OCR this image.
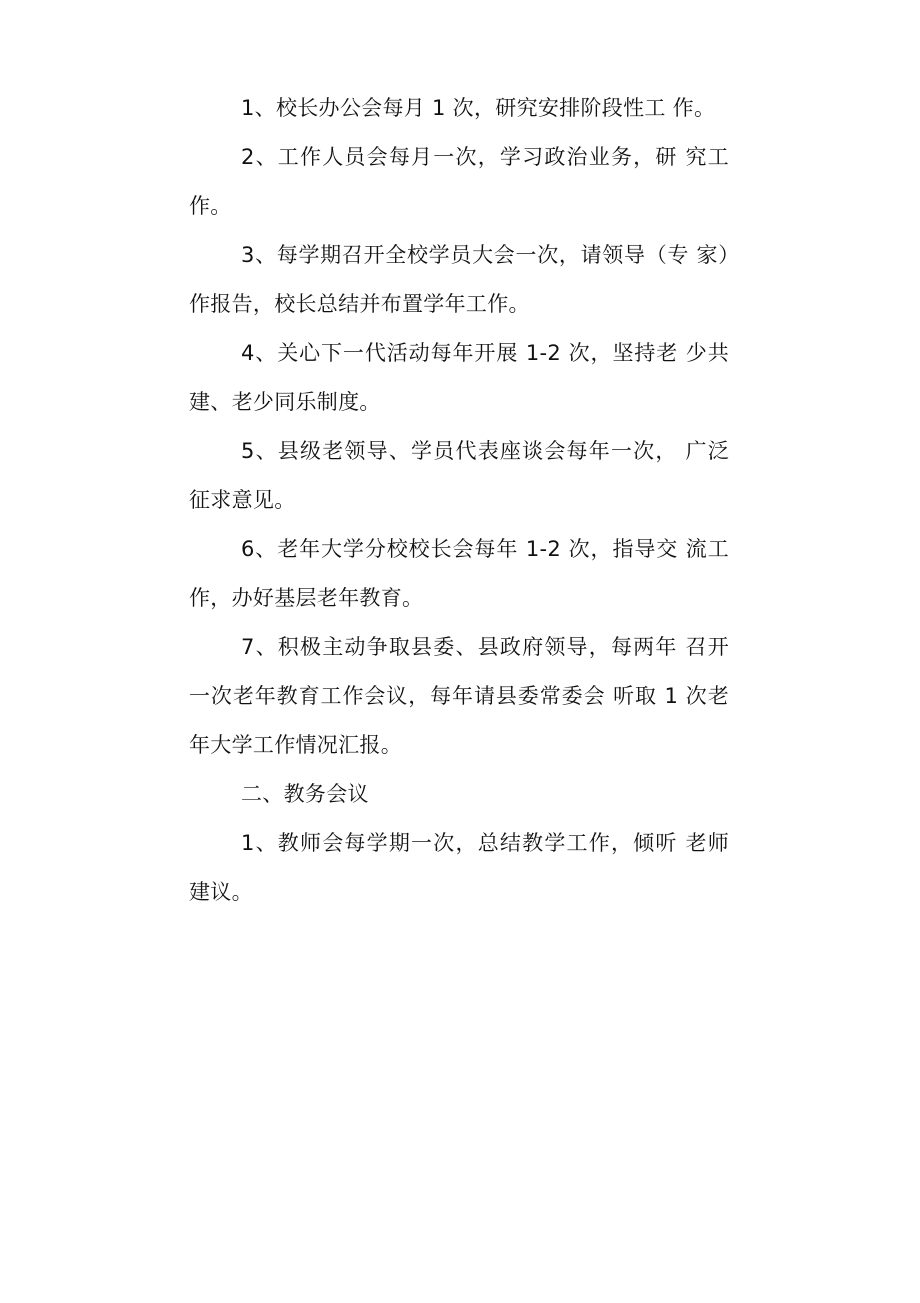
1、校长办公会每月 1 次，研究安排阶段性工 作。

2、工作人员会每月一次，学习政治业务，研 究工作。

3、每学期召开全校学员大会一次，请领导（专 家）作报告，校长总结并布置学年工作。

4、关心下一代活动每年开展 1-2 次，坚持老 少共建、老少同乐制度。

5、县级老领导、学员代表座谈会每年一次， 广泛征求意见。

6、老年大学分校校长会每年 1-2 次，指导交 流工作，办好基层老年教育。

7、积极主动争取县委、县政府领导，每两年 召开一次老年教育工作会议，每年请县委常委会 听取 1 次老年大学工作情况汇报。

二、教务会议

1、教师会每学期一次，总结教学工作，倾听 老师建议。
